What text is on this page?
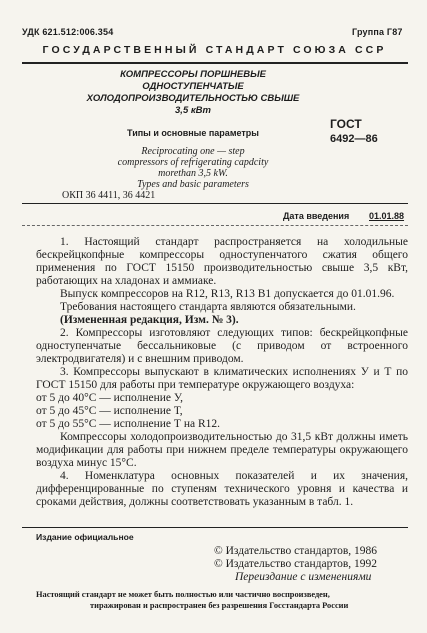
УДК 621.512:006.354	Группа Г87
ГОСУДАРСТВЕННЫЙ СТАНДАРТ СОЮЗА ССР
КОМПРЕССОРЫ ПОРШНЕВЫЕ
ОДНОСТУПЕНЧАТЫЕ
ХОЛОДОПРОИЗВОДИТЕЛЬНОСТЬЮ СВЫШЕ
3,5 кВт
Типы и основные параметры
ГОСТ
6492—86
Reciprocating one — step
compressors of refrigerating capdcity
morethan 3,5 kW.
Types and basic parameters
ОКП 36 4411, 36 4421
Дата введения 01.01.88

1. Настоящий стандарт распространяется на холодильные бескрейцкопфные компрессоры одноступенчатого сжатия общего применения по ГОСТ 15150 производительностью свыше 3,5 кВт, работающих на хладонах и аммиаке.

Выпуск компрессоров на R12, R13, R13 B1 допускается до 01.01.96.

Требования настоящего стандарта являются обязательными.

(Измененная редакция, Изм. № 3).

2. Компрессоры изготовляют следующих типов: бескрейцкопфные одноступенчатые бессальниковые (с приводом от встроенного электродвигателя) и с внешним приводом.

3. Компрессоры выпускают в климатических исполнениях У и Т по ГОСТ 15150 для работы при температуре окружающего воздуха:

от 5 до 40°С — исполнение У,

от 5 до 45°С — исполнение Т,

от 5 до 55°С — исполнение Т на R12.

Компрессоры холодопроизводительностью до 31,5 кВт должны иметь модификации для работы при нижнем пределе температуры окружающего воздуха минус 15°С.

4. Номенклатура основных показателей и их значения, дифференцированные по ступеням технического уровня и качества и сроками действия, должны соответствовать указанным в табл. 1.

Издание официальное
© Издательство стандартов, 1986
© Издательство стандартов, 1992
Переиздание с изменениями
Настоящий стандарт не может быть полностью или частично воспроизведен,
тиражирован и распространен без разрешения Госстандарта России
